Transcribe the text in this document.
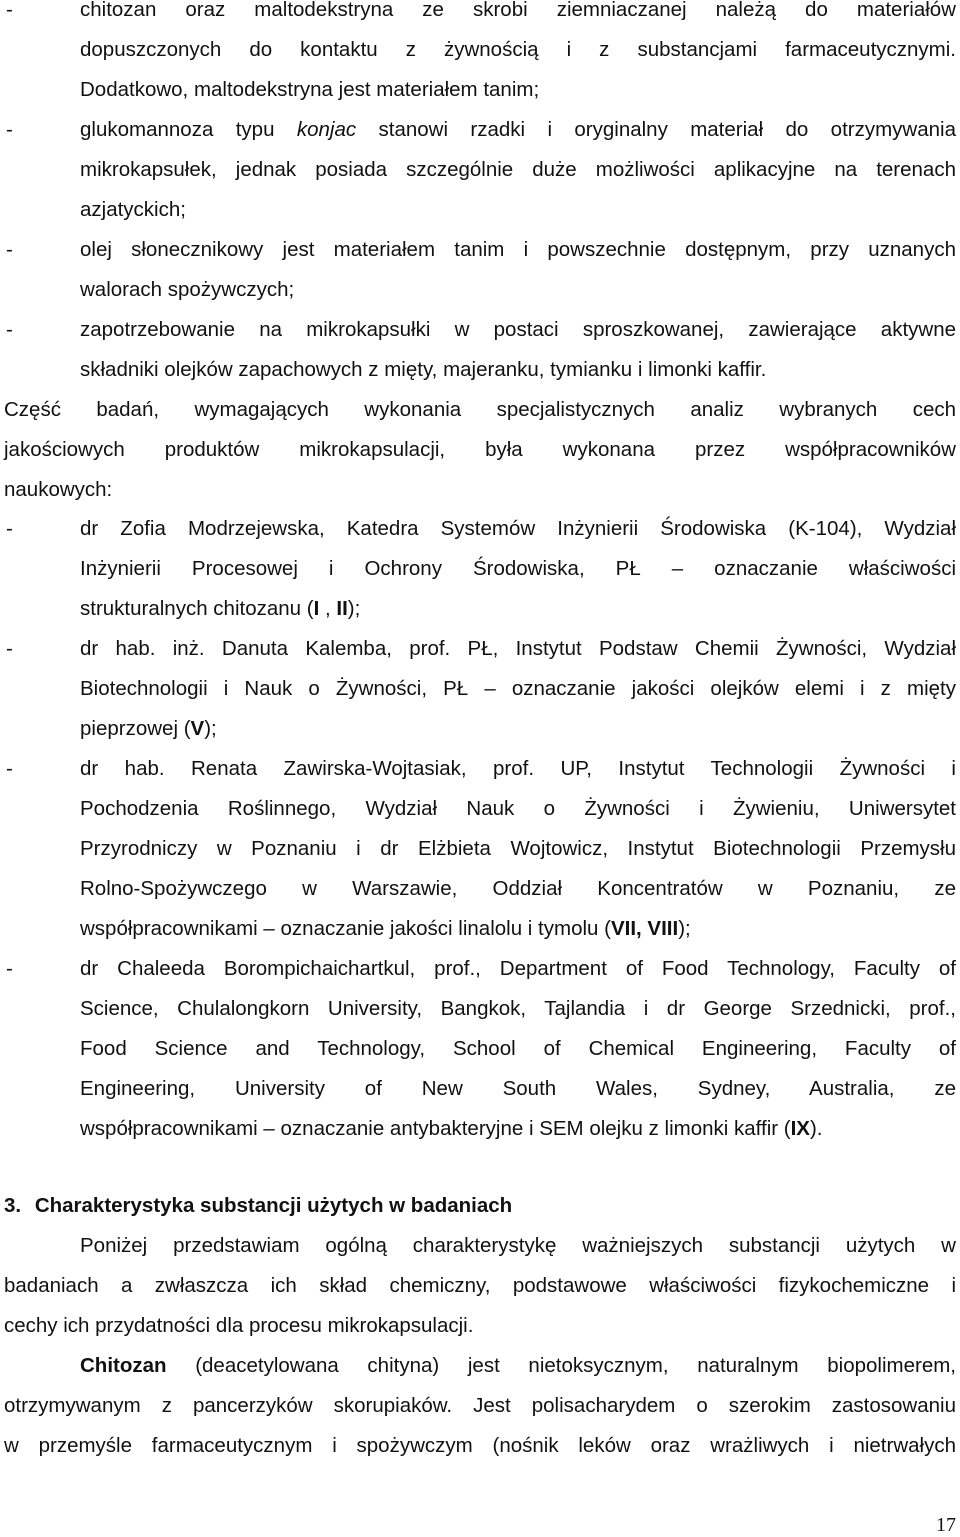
-	chitozan oraz maltodekstryna ze skrobi ziemniaczanej należą do materiałów
dopuszczonych do kontaktu z żywnością i z substancjami farmaceutycznymi.
Dodatkowo, maltodekstryna jest materiałem tanim;
-	glukomannoza typu konjac stanowi rzadki i oryginalny materiał do otrzymywania
mikrokapsułek, jednak posiada szczególnie duże możliwości aplikacyjne na terenach
azjatyckich;
-	olej słonecznikowy jest materiałem tanim i powszechnie dostępnym, przy uznanych
walorach spożywczych;
-	zapotrzebowanie na mikrokapsułki w postaci sproszkowanej, zawierające aktywne
składniki olejków zapachowych z mięty, majeranku, tymianku i limonki kaffir.
Część badań, wymagających wykonania specjalistycznych analiz wybranych cech
jakościowych produktów mikrokapsulacji, była wykonana przez współpracowników
naukowych:
-	dr Zofia Modrzejewska, Katedra Systemów Inżynierii Środowiska (K-104), Wydział
Inżynierii Procesowej i Ochrony Środowiska, PŁ – oznaczanie właściwości
strukturalnych chitozanu (I , II);
-	dr hab. inż. Danuta Kalemba, prof. PŁ, Instytut Podstaw Chemii Żywności, Wydział
Biotechnologii i Nauk o Żywności, PŁ – oznaczanie jakości olejków elemi i z mięty
pieprzowej (V);
-	dr hab. Renata Zawirska-Wojtasiak, prof. UP, Instytut Technologii Żywności i
Pochodzenia Roślinnego, Wydział Nauk o Żywności i Żywieniu, Uniwersytet
Przyrodniczy w Poznaniu i dr Elżbieta Wojtowicz, Instytut Biotechnologii Przemysłu
Rolno-Spożywczego w Warszawie, Oddział Koncentratów w Poznaniu, ze
współpracownikami – oznaczanie jakości linalolu i tymolu (VII, VIII);
-	dr Chaleeda Borompichaichartkul, prof., Department of Food Technology, Faculty of
Science, Chulalongkorn University, Bangkok, Tajlandia i dr George Srzednicki, prof.,
Food Science and Technology, School of Chemical Engineering, Faculty of
Engineering, University of New South Wales, Sydney, Australia, ze
współpracownikami – oznaczanie antybakteryjne i SEM olejku z limonki kaffir (IX).
3. Charakterystyka substancji użytych w badaniach
Poniżej przedstawiam ogólną charakterystykę ważniejszych substancji użytych w
badaniach a zwłaszcza ich skład chemiczny, podstawowe właściwości fizykochemiczne i
cechy ich przydatności dla procesu mikrokapsulacji.
Chitozan (deacetylowana chityna) jest nietoksycznym, naturalnym biopolimerem,
otrzymywanym z pancerzyków skorupiaków. Jest polisacharydem o szerokim zastosowaniu
w przemyśle farmaceutycznym i spożywczym (nośnik leków oraz wrażliwych i nietrwałych
17
